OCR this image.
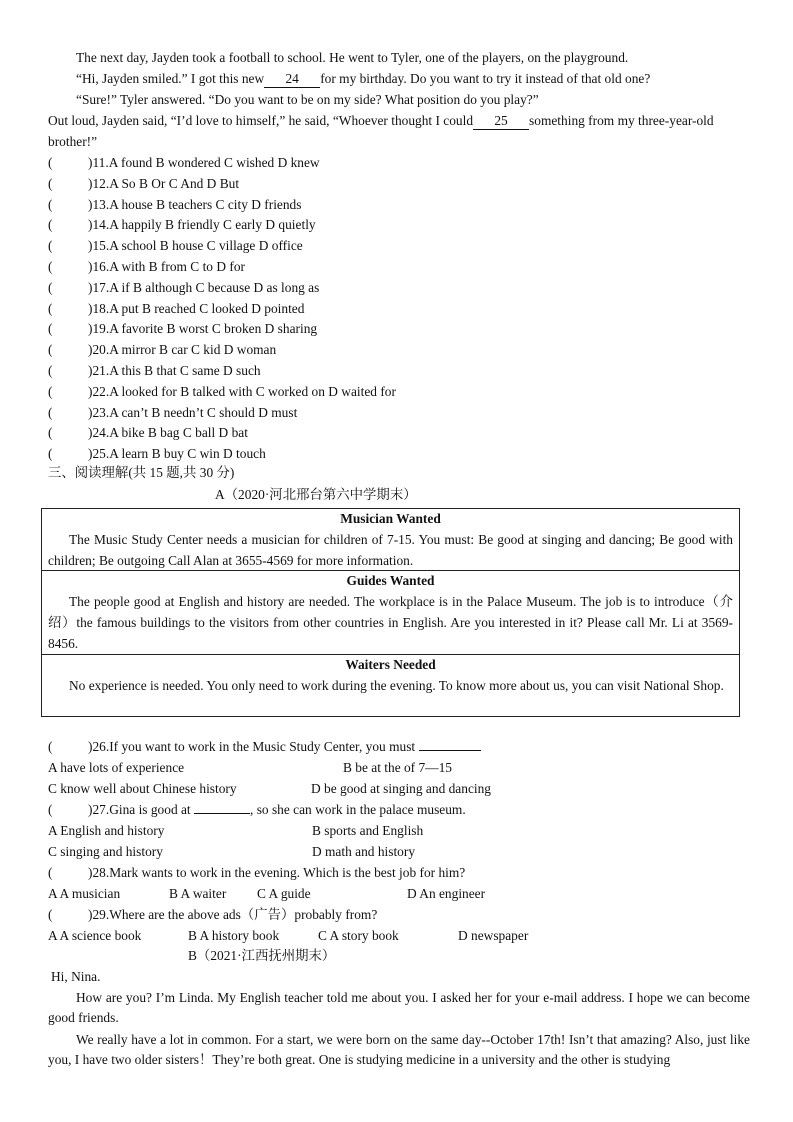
The next day, Jayden took a football to school. He went to Tyler, one of the players, on the playground.
“Hi, Jayden smiled.” I got this new 24 for my birthday. Do you want to try it instead of that old one?
“Sure!” Tyler answered. “Do you want to be on my side? What position do you play?”
Out loud, Jayden said, “I’d love to himself,” he said, “Whoever thought I could 25 something from my three-year-old
brother!”
(	)11.A found B wondered C wished D knew
(	)12.A So B Or C And D But
(	)13.A house B teachers C city D friends
(	)14.A happily B friendly C early D quietly
(	)15.A school B house C village D office
(	)16.A with B from C to D for
(	)17.A if B although C because D as long as
(	)18.A put B reached C looked D pointed
(	)19.A favorite B worst C broken D sharing
(	)20.A mirror B car C kid D woman
(	)21.A this B that C same D such
(	)22.A looked for B talked with C worked on D waited for
(	)23.A can’t B needn’t C should D must
(	)24.A bike B bag C ball D bat
(	)25.A learn B buy C win D touch
三、阅读理解(共 15 题,共 30 分)
A（2020·河北邢台第六中学期末）
Musician Wanted
The Music Study Center needs a musician for children of 7-15. You must: Be good at singing and dancing; Be good with children; Be outgoing Call Alan at 3655-4569 for more information.
Guides Wanted
The people good at English and history are needed. The workplace is in the Palace Museum. The job is to introduce（介绍）the famous buildings to the visitors from other countries in English. Are you interested in it? Please call Mr. Li at 3569-8456.
Waiters Needed
No experience is needed. You only need to work during the evening. To know more about us, you can visit National Shop.
(	)26.If you want to work in the Music Study Center, you must
A have lots of experience	B be at the of 7—15
C know well about Chinese history	D be good at singing and dancing
(	)27.Gina is good at	, so she can work in the palace museum.
A English and history	B sports and English
C singing and history	D math and history
(	)28.Mark wants to work in the evening. Which is the best job for him?
A A musician	B A waiter C A guide	D An engineer
(	)29.Where are the above ads（广告）probably from?
A A science book	B A history book	C A story book	D newspaper
B（2021·江西抚州期末）
Hi, Nina.
How are you? I’m Linda. My English teacher told me about you. I asked her for your e-mail address. I hope we can become good friends.
We really have a lot in common. For a start, we were born on the same day--October 17th! Isn’t that amazing? Also, just like you, I have two older sisters！They’re both great. One is studying medicine in a university and the other is studying
